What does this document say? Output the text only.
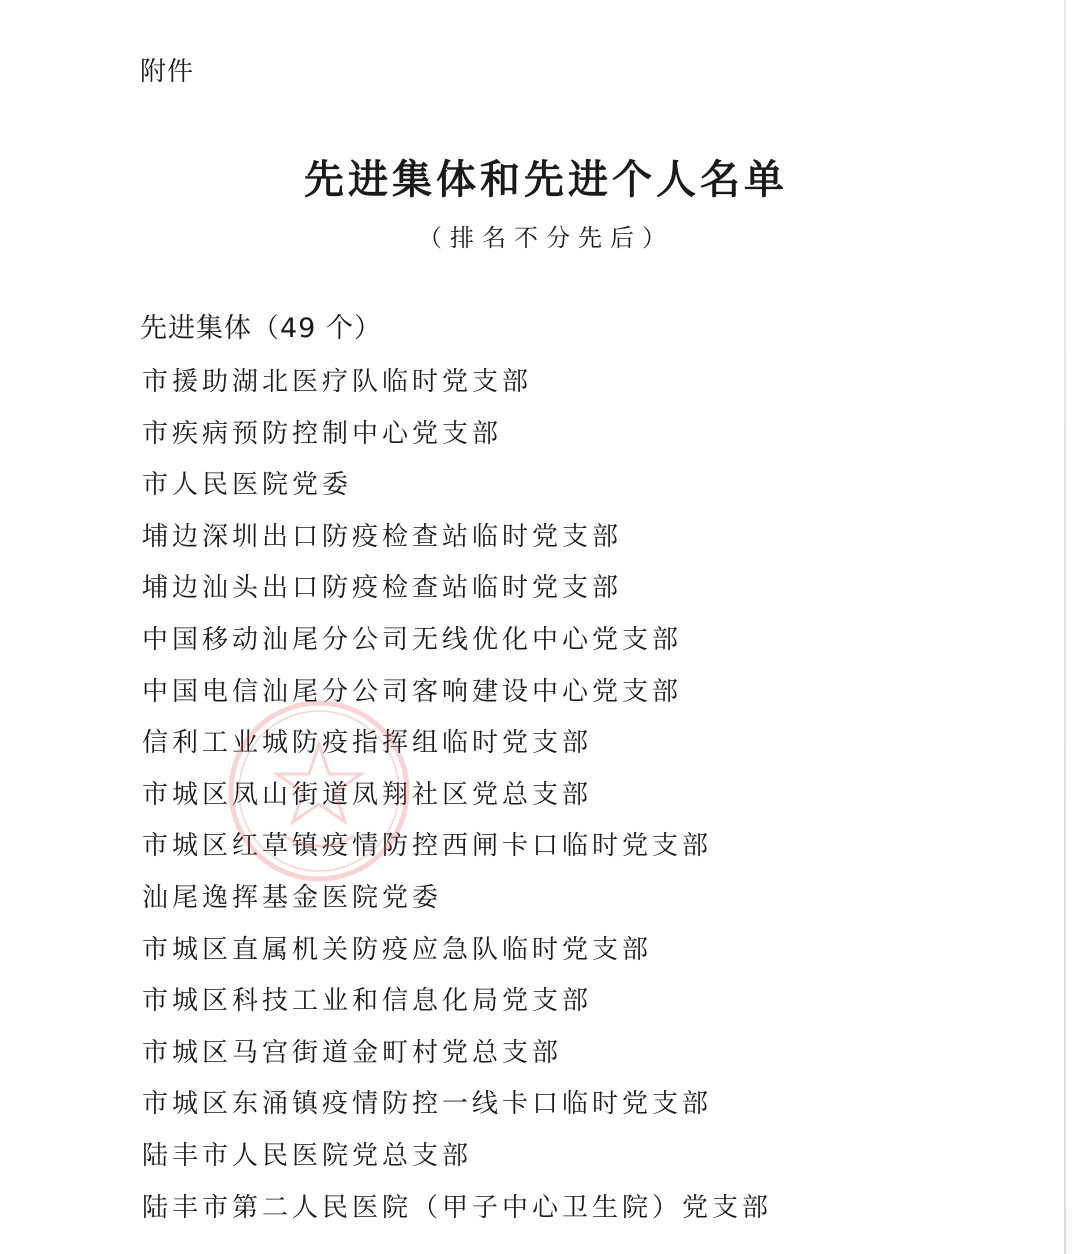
附件
先进集体和先进个人名单
（排名不分先后）
先进集体（49 个）
市援助湖北医疗队临时党支部
市疾病预防控制中心党支部
市人民医院党委
埔边深圳出口防疫检查站临时党支部
埔边汕头出口防疫检查站临时党支部
中国移动汕尾分公司无线优化中心党支部
中国电信汕尾分公司客响建设中心党支部
信利工业城防疫指挥组临时党支部
市城区凤山街道凤翔社区党总支部
市城区红草镇疫情防控西闸卡口临时党支部
汕尾逸挥基金医院党委
市城区直属机关防疫应急队临时党支部
市城区科技工业和信息化局党支部
市城区马宫街道金町村党总支部
市城区东涌镇疫情防控一线卡口临时党支部
陆丰市人民医院党总支部
陆丰市第二人民医院（甲子中心卫生院）党支部
